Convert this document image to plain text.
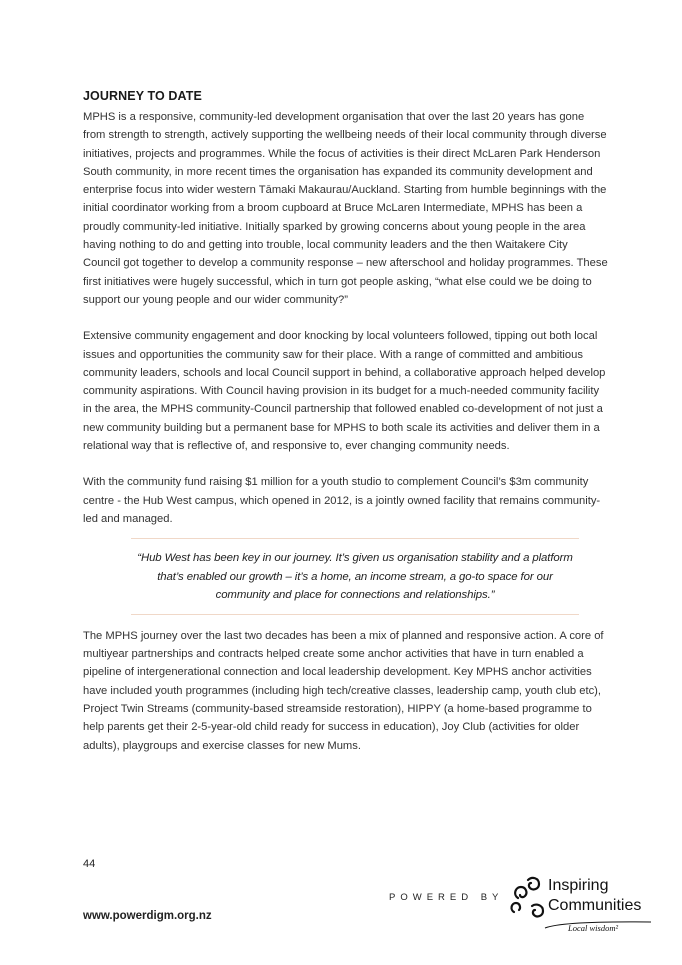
JOURNEY TO DATE

MPHS is a responsive, community-led development organisation that over the last 20 years has gone from strength to strength, actively supporting the wellbeing needs of their local community through diverse initiatives, projects and programmes. While the focus of activities is their direct McLaren Park Henderson South community, in more recent times the organisation has expanded its community development and enterprise focus into wider western Tāmaki Makaurau/Auckland. Starting from humble beginnings with the initial coordinator working from a broom cupboard at Bruce McLaren Intermediate, MPHS has been a proudly community-led initiative. Initially sparked by growing concerns about young people in the area having nothing to do and getting into trouble, local community leaders and the then Waitakere City Council got together to develop a community response – new afterschool and holiday programmes. These first initiatives were hugely successful, which in turn got people asking, “what else could we be doing to support our young people and our wider community?”

Extensive community engagement and door knocking by local volunteers followed, tipping out both local issues and opportunities the community saw for their place. With a range of committed and ambitious community leaders, schools and local Council support in behind, a collaborative approach helped develop community aspirations. With Council having provision in its budget for a much-needed community facility in the area, the MPHS community-Council partnership that followed enabled co-development of not just a new community building but a permanent base for MPHS to both scale its activities and deliver them in a relational way that is reflective of, and responsive to, ever changing community needs.

With the community fund raising $1 million for a youth studio to complement Council’s $3m community centre - the Hub West campus, which opened in 2012, is a jointly owned facility that remains community-led and managed.

“Hub West has been key in our journey. It’s given us organisation stability and a platform that’s enabled our growth – it’s a home, an income stream, a go-to space for our community and place for connections and relationships.”

The MPHS journey over the last two decades has been a mix of planned and responsive action. A core of multiyear partnerships and contracts helped create some anchor activities that have in turn enabled a pipeline of intergenerational connection and local leadership development. Key MPHS anchor activities have included youth programmes (including high tech/creative classes, leadership camp, youth club etc), Project Twin Streams (community-based streamside restoration), HIPPY (a home-based programme to help parents get their 2-5-year-old child ready for success in education), Joy Club (activities for older adults), playgroups and exercise classes for new Mums.

44
www.powerdigm.org.nz
POWERED BY
Inspiring
Communities
Local wisdom²
